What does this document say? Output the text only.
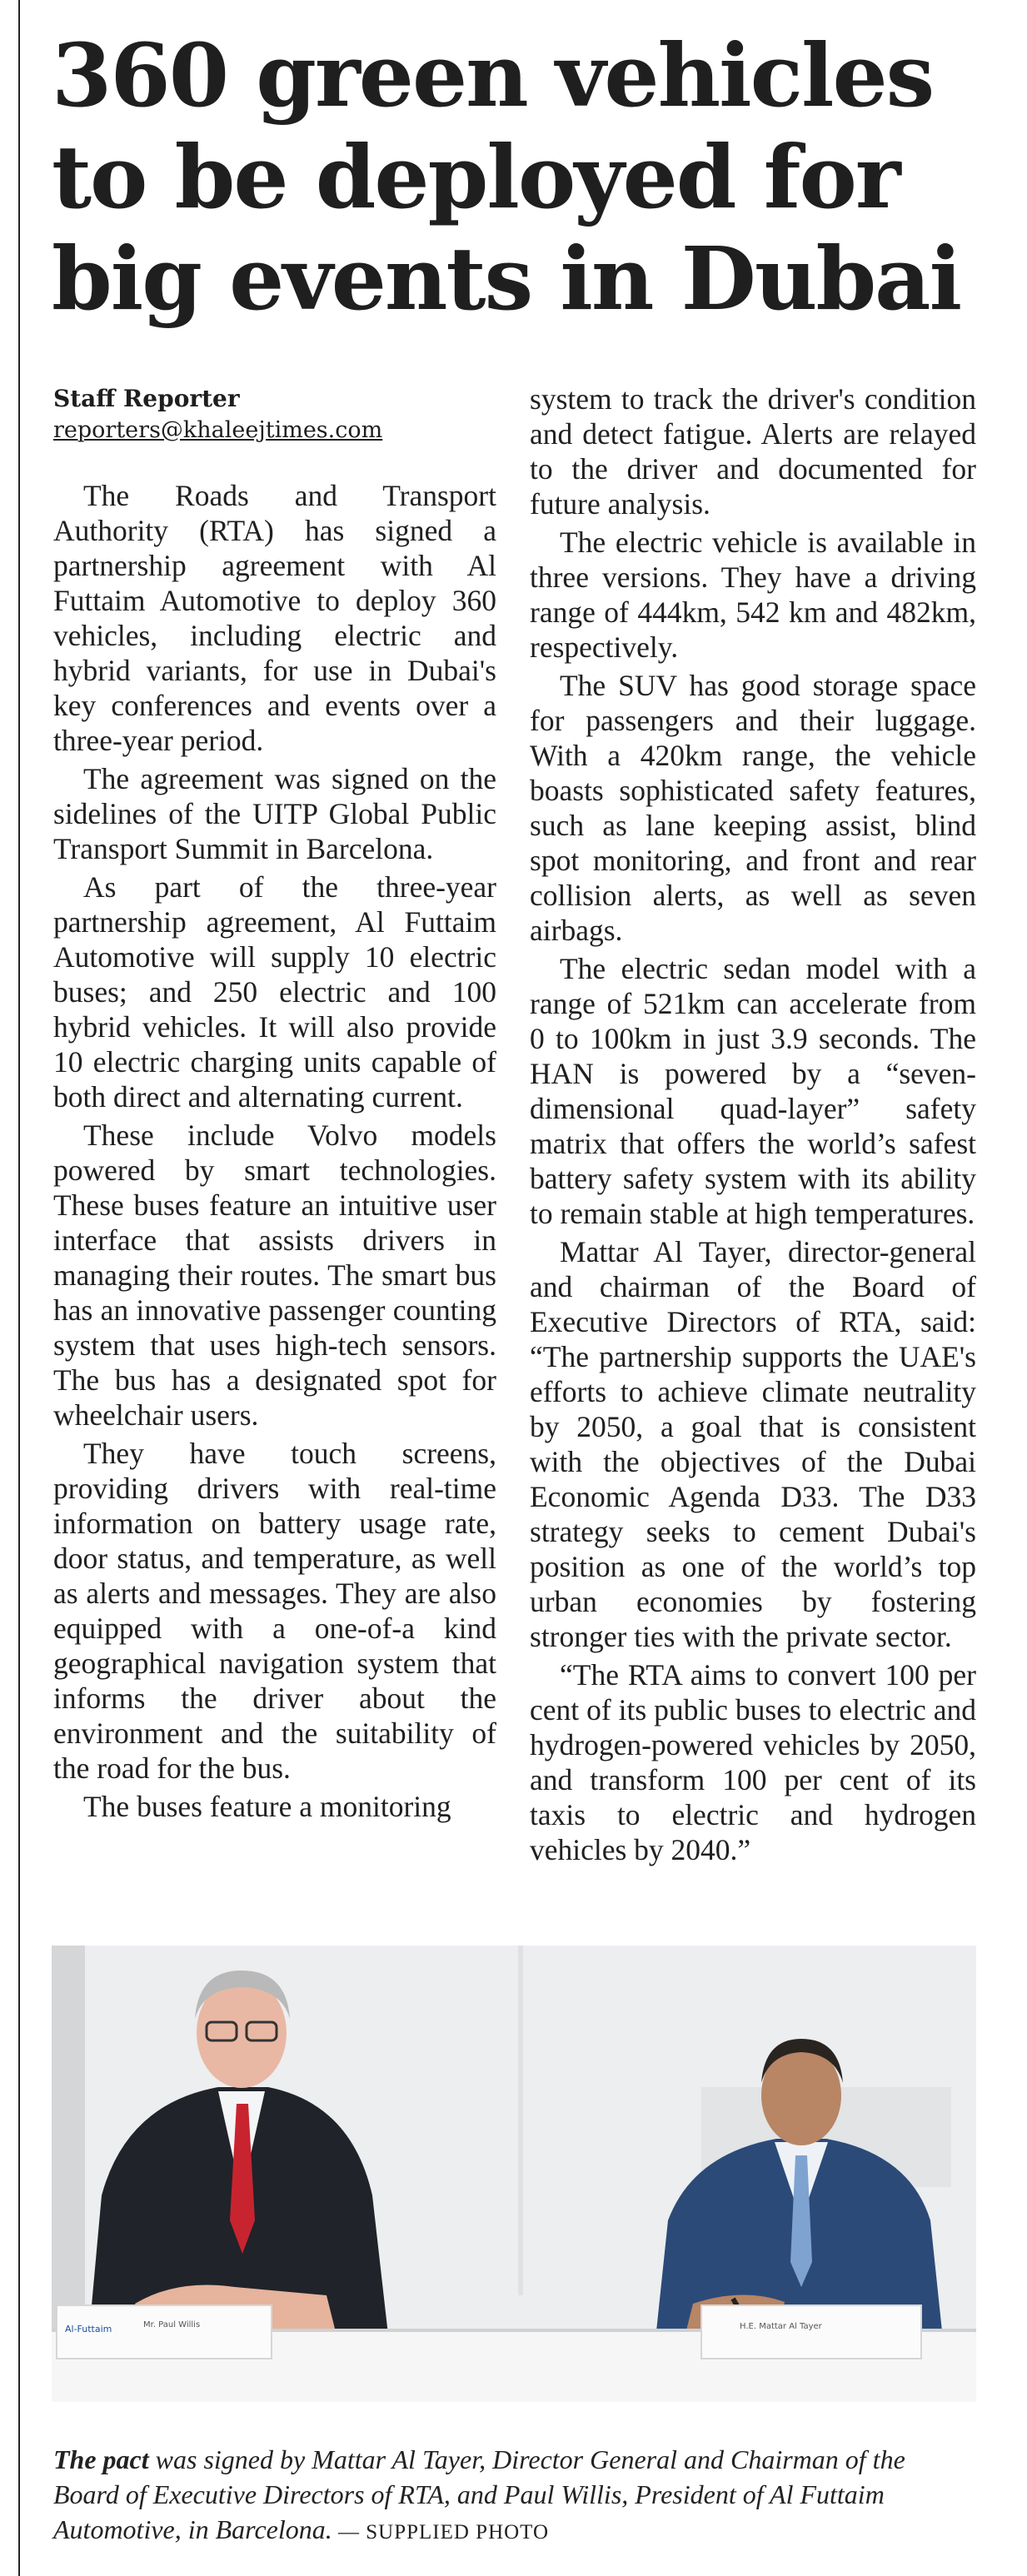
360 green vehicles
to be deployed for
big events in Dubai
Staff Reporter
reporters@khaleejtimes.com

The Roads and Transport Authority (RTA) has signed a partnership agreement with Al Futtaim Automotive to deploy 360 vehicles, including electric and hybrid variants, for use in Dubai's key conferences and events over a three-year period.

The agreement was signed on the sidelines of the UITP Global Public Transport Summit in Barcelona.

As part of the three-year partnership agreement, Al Futtaim Automotive will supply 10 electric buses; and 250 electric and 100 hybrid vehicles. It will also provide 10 electric charging units capable of both direct and alternating current.

These include Volvo models powered by smart technologies. These buses feature an intuitive user interface that assists drivers in managing their routes. The smart bus has an innovative passenger counting system that uses high-tech sensors. The bus has a designated spot for wheelchair users.

They have touch screens, providing drivers with real-time information on battery usage rate, door status, and temperature, as well as alerts and messages. They are also equipped with a one-of-a kind geographical navigation system that informs the driver about the environment and the suitability of the road for the bus.

The buses feature a monitoring

system to track the driver's condition and detect fatigue. Alerts are relayed to the driver and documented for future analysis.

The electric vehicle is available in three versions. They have a driving range of 444km, 542 km and 482km, respectively.

The SUV has good storage space for passengers and their luggage. With a 420km range, the vehicle boasts sophisticated safety features, such as lane keeping assist, blind spot monitoring, and front and rear collision alerts, as well as seven airbags.

The electric sedan model with a range of 521km can accelerate from 0 to 100km in just 3.9 seconds. The HAN is powered by a “seven-dimensional quad-layer” safety matrix that offers the world’s safest battery safety system with its ability to remain stable at high temperatures.

Mattar Al Tayer, director-general and chairman of the Board of Executive Directors of RTA, said: “The partnership supports the UAE's efforts to achieve climate neutrality by 2050, a goal that is consistent with the objectives of the Dubai Economic Agenda D33. The D33 strategy seeks to cement Dubai's position as one of the world’s top urban economies by fostering stronger ties with the private sector.

“The RTA aims to convert 100 per cent of its public buses to electric and hydrogen-powered vehicles by 2050, and transform 100 per cent of its taxis to electric and hydrogen vehicles by 2040.”

Al-Futtaim	Mr. Paul Willis	H.E. Mattar Al Tayer
The pact was signed by Mattar Al Tayer, Director General and Chairman of the Board of Executive Directors of RTA, and Paul Willis, President of Al Futtaim Automotive, in Barcelona. — SUPPLIED PHOTO
